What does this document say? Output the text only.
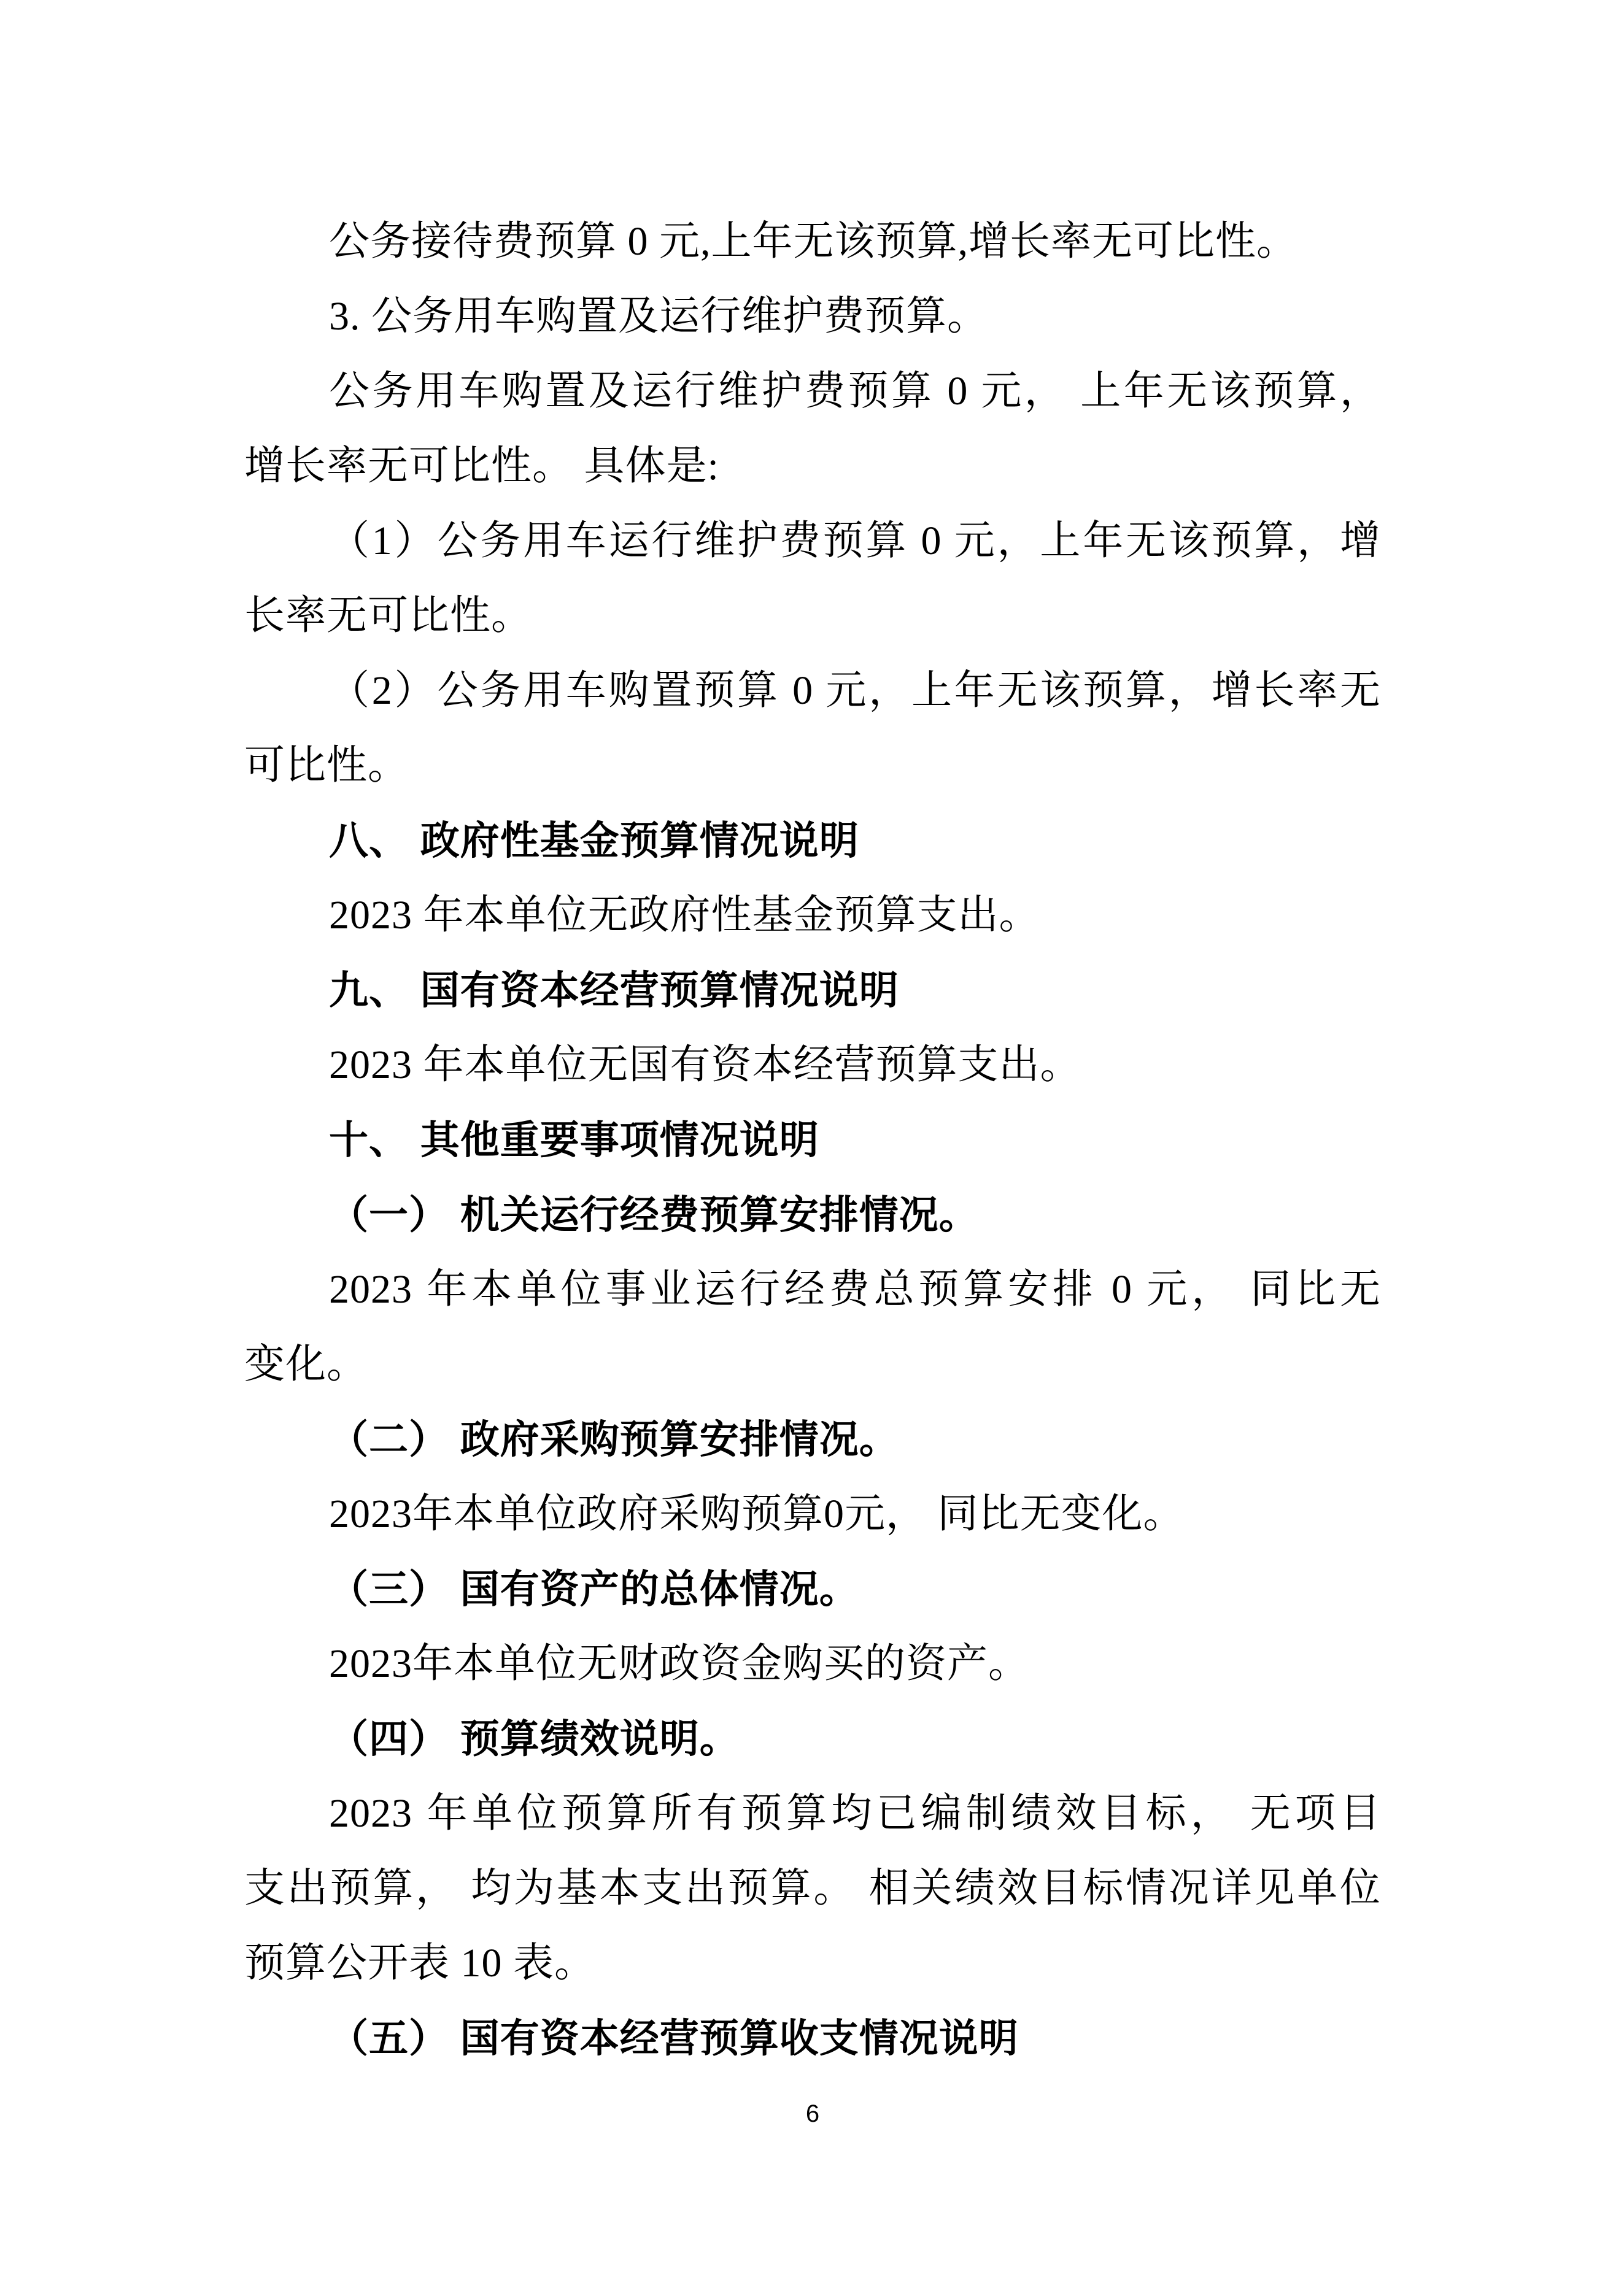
公务接待费预算 0 元,上年无该预算,增长率无可比性。
3. 公务用车购置及运行维护费预算。
公务用车购置及运行维护费预算 0 元， 上年无该预算，
增长率无可比性。 具体是:
（1）公务用车运行维护费预算 0 元，上年无该预算，增
长率无可比性。
（2）公务用车购置预算 0 元，上年无该预算，增长率无
可比性。
八、 政府性基金预算情况说明
2023 年本单位无政府性基金预算支出。
九、 国有资本经营预算情况说明
2023 年本单位无国有资本经营预算支出。
十、 其他重要事项情况说明
（一） 机关运行经费预算安排情况。
2023 年本单位事业运行经费总预算安排 0 元， 同比无
变化。
（二） 政府采购预算安排情况。
2023年本单位政府采购预算0元， 同比无变化。
（三） 国有资产的总体情况。
2023年本单位无财政资金购买的资产。
（四） 预算绩效说明。
2023 年单位预算所有预算均已编制绩效目标， 无项目
支出预算， 均为基本支出预算。 相关绩效目标情况详见单位
预算公开表 10 表。
（五） 国有资本经营预算收支情况说明
6
